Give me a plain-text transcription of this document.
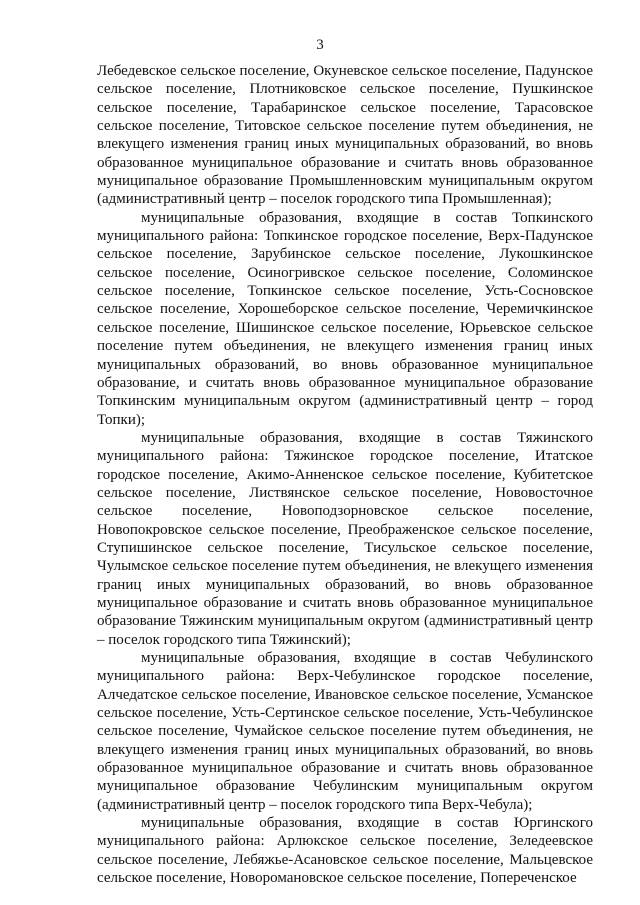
3

Лебедевское сельское поселение, Окуневское сельское поселение, Падунское сельское поселение, Плотниковское сельское поселение, Пушкинское сельское поселение, Тарабаринское сельское поселение, Тарасовское сельское поселение, Титовское сельское поселение путем объединения, не влекущего изменения границ иных муниципальных образований, во вновь образованное муниципальное образование и считать вновь образованное муниципальное образование Промышленновским муниципальным округом (административный центр – поселок городского типа Промышленная);

муниципальные образования, входящие в состав Топкинского муниципального района: Топкинское городское поселение, Верх-Падунское сельское поселение, Зарубинское сельское поселение, Лукошкинское сельское поселение, Осиногривское сельское поселение, Соломинское сельское поселение, Топкинское сельское поселение, Усть-Сосновское сельское поселение, Хорошеборское сельское поселение, Черемичкинское сельское поселение, Шишинское сельское поселение, Юрьевское сельское поселение путем объединения, не влекущего изменения границ иных муниципальных образований, во вновь образованное муниципальное образование, и считать вновь образованное муниципальное образование Топкинским муниципальным округом (административный центр – город Топки);

муниципальные образования, входящие в состав Тяжинского муниципального района: Тяжинское городское поселение, Итатское городское поселение, Акимо-Анненское сельское поселение, Кубитетское сельское поселение, Листвянское сельское поселение, Нововосточное сельское поселение, Новоподзорновское сельское поселение, Новопокровское сельское поселение, Преображенское сельское поселение, Ступишинское сельское поселение, Тисульское сельское поселение, Чулымское сельское поселение путем объединения, не влекущего изменения границ иных муниципальных образований, во вновь образованное муниципальное образование и считать вновь образованное муниципальное образование Тяжинским муниципальным округом (административный центр – поселок городского типа Тяжинский);

муниципальные образования, входящие в состав Чебулинского муниципального района: Верх-Чебулинское городское поселение, Алчедатское сельское поселение, Ивановское сельское поселение, Усманское сельское поселение, Усть-Сертинское сельское поселение, Усть-Чебулинское сельское поселение, Чумайское сельское поселение путем объединения, не влекущего изменения границ иных муниципальных образований, во вновь образованное муниципальное образование и считать вновь образованное муниципальное образование Чебулинским муниципальным округом (административный центр – поселок городского типа Верх-Чебула);

муниципальные образования, входящие в состав Юргинского муниципального района: Арлюкское сельское поселение, Зеледеевское сельское поселение, Лебяжье-Асановское сельское поселение, Мальцевское сельское поселение, Новоромановское сельское поселение, Поперечeнское
